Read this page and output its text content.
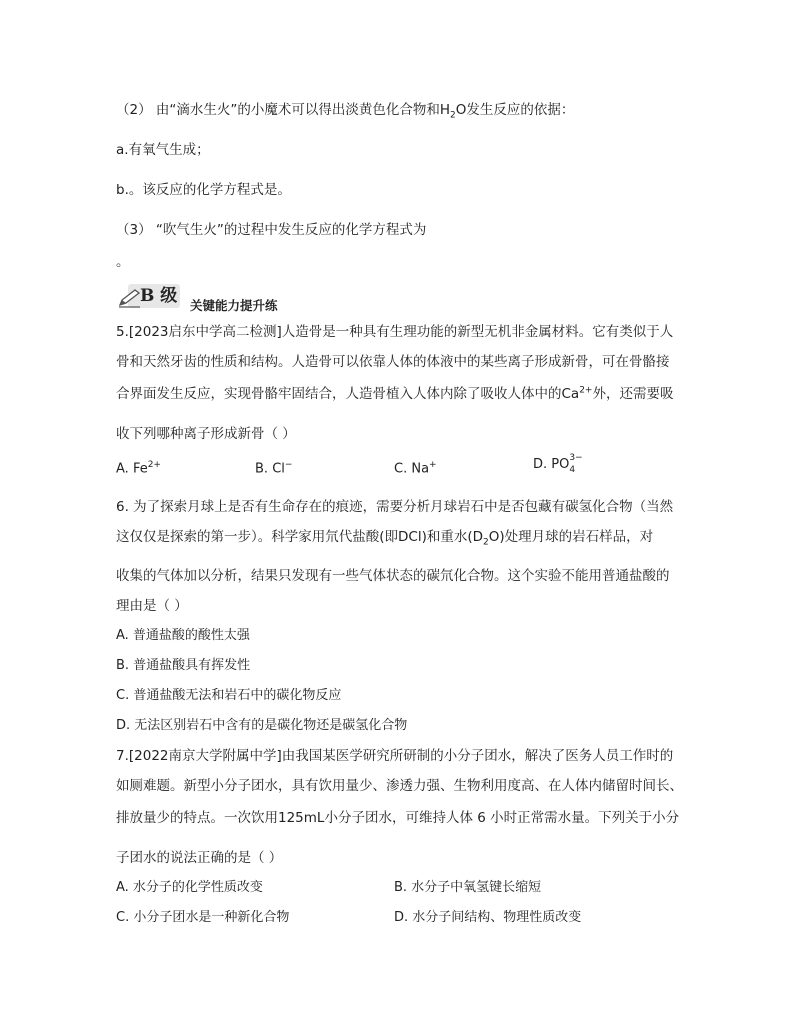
（2） 由“滴水生火”的小魔术可以得出淡黄色化合物和$H_2O$发生反应的依据：
a.有氧气生成；
b.。该反应的化学方程式是。
（3） “吹气生火”的过程中发生反应的化学方程式为
。
B 级 关键能力提升练
5.[2023启东中学高二检测]人造骨是一种具有生理功能的新型无机非金属材料。它有类似于人
骨和天然牙齿的性质和结构。人造骨可以依靠人体的体液中的某些离子形成新骨，可在骨骼接
合界面发生反应，实现骨骼牢固结合，人造骨植入人体内除了吸收人体中的$Ca^{2+}$外，还需要吸
收下列哪种离子形成新骨（ ）
A. $Fe^{2+}$	B. Cl−	C. Na+	D. PO 3−
4
6. 为了探索月球上是否有生命存在的痕迹，需要分析月球岩石中是否包藏有碳氢化合物（当然
这仅仅是探索的第一步）。科学家用氘代盐酸(即DCl)和重水$(D_2O)$处理月球的岩石样品，对
收集的气体加以分析，结果只发现有一些气体状态的碳氘化合物。这个实验不能用普通盐酸的
理由是（ ）
A. 普通盐酸的酸性太强
B. 普通盐酸具有挥发性
C. 普通盐酸无法和岩石中的碳化物反应
D. 无法区别岩石中含有的是碳化物还是碳氢化合物
7.[2022南京大学附属中学]由我国某医学研究所研制的小分子团水，解决了医务人员工作时的
如厕难题。新型小分子团水，具有饮用量少、渗透力强、生物利用度高、在人体内储留时间长、
排放量少的特点。一次饮用125mL小分子团水，可维持人体 6 小时正常需水量。下列关于小分
子团水的说法正确的是（ ）
A. 水分子的化学性质改变	B. 水分子中氧氢键长缩短
C. 小分子团水是一种新化合物	D. 水分子间结构、物理性质改变
